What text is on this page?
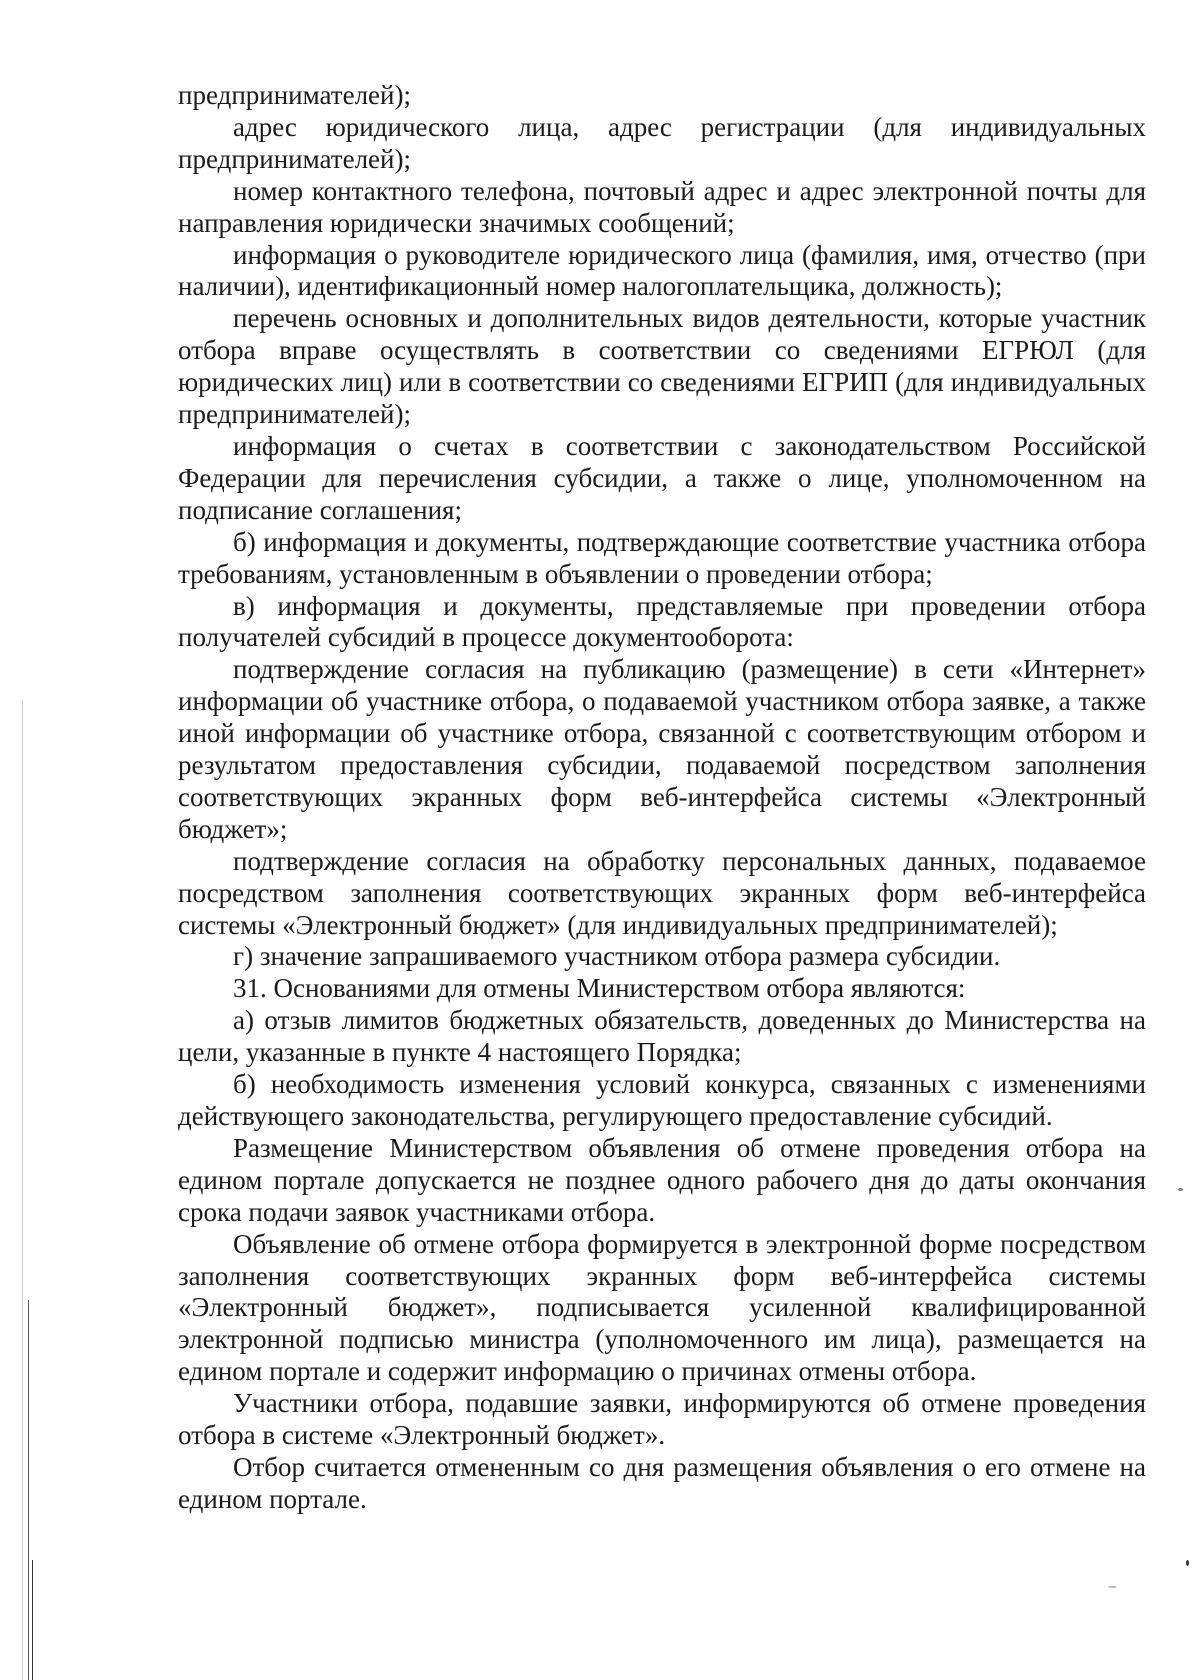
предпринимателей);

адрес юридического лица, адрес регистрации (для индивидуальных предпринимателей);

номер контактного телефона, почтовый адрес и адрес электронной почты для направления юридически значимых сообщений;

информация о руководителе юридического лица (фамилия, имя, отчество (при наличии), идентификационный номер налогоплательщика, должность);

перечень основных и дополнительных видов деятельности, которые участник отбора вправе осуществлять в соответствии со сведениями ЕГРЮЛ (для юридических лиц) или в соответствии со сведениями ЕГРИП (для индивидуальных предпринимателей);

информация о счетах в соответствии с законодательством Российской Федерации для перечисления субсидии, а также о лице, уполномоченном на подписание соглашения;

б) информация и документы, подтверждающие соответствие участника отбора требованиям, установленным в объявлении о проведении отбора;

в) информация и документы, представляемые при проведении отбора получателей субсидий в процессе документооборота:

подтверждение согласия на публикацию (размещение) в сети «Интернет» информации об участнике отбора, о подаваемой участником отбора заявке, а также иной информации об участнике отбора, связанной с соответствующим отбором и результатом предоставления субсидии, подаваемой посредством заполнения соответствующих экранных форм веб-интерфейса системы «Электронный бюджет»;

подтверждение согласия на обработку персональных данных, подаваемое посредством заполнения соответствующих экранных форм веб-интерфейса системы «Электронный бюджет» (для индивидуальных предпринимателей);

г) значение запрашиваемого участником отбора размера субсидии.

31. Основаниями для отмены Министерством отбора являются:

а) отзыв лимитов бюджетных обязательств, доведенных до Министерства на цели, указанные в пункте 4 настоящего Порядка;

б) необходимость изменения условий конкурса, связанных с изменениями действующего законодательства, регулирующего предоставление субсидий.

Размещение Министерством объявления об отмене проведения отбора на едином портале допускается не позднее одного рабочего дня до даты окончания срока подачи заявок участниками отбора.

Объявление об отмене отбора формируется в электронной форме посредством заполнения соответствующих экранных форм веб-интерфейса системы «Электронный бюджет», подписывается усиленной квалифицированной электронной подписью министра (уполномоченного им лица), размещается на едином портале и содержит информацию о причинах отмены отбора.

Участники отбора, подавшие заявки, информируются об отмене проведения отбора в системе «Электронный бюджет».

Отбор считается отмененным со дня размещения объявления о его отмене на едином портале.
